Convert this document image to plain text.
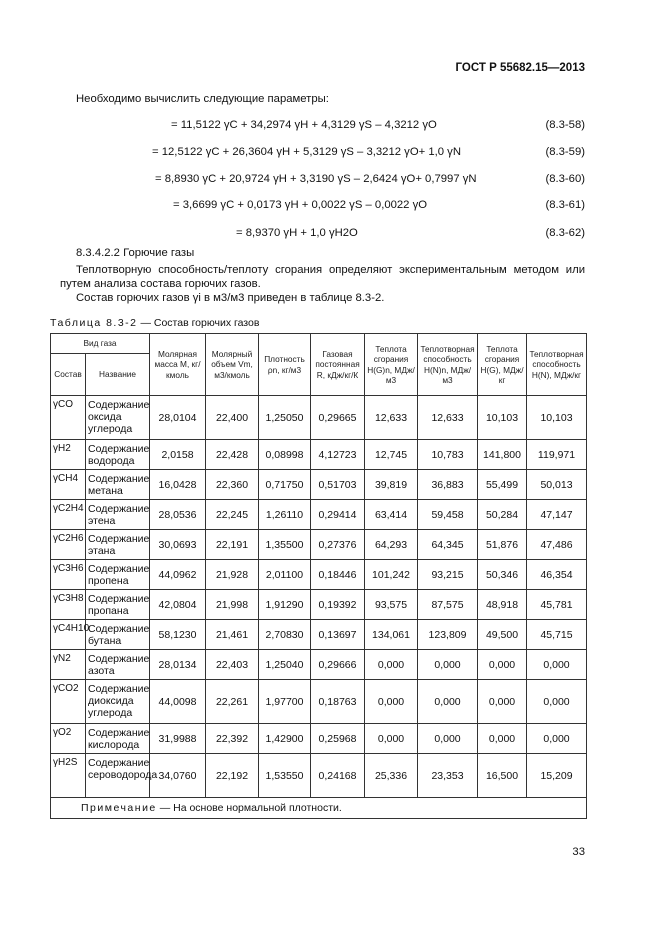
ГОСТ Р 55682.15—2013
Необходимо вычислить следующие параметры:
= 11,5122 γC + 34,2974 γH + 4,3129 γS – 4,3212 γO	(8.3-58)
= 12,5122 γC + 26,3604 γH + 5,3129 γS – 3,3212 γO+ 1,0 γN	(8.3-59)
= 8,8930 γC + 20,9724 γH + 3,3190 γS – 2,6424 γO+ 0,7997 γN	(8.3-60)
= 3,6699 γC + 0,0173 γH + 0,0022 γS – 0,0022 γO	(8.3-61)
= 8,9370 γH + 1,0 γH2O	(8.3-62)
8.3.4.2.2 Горючие газы
Теплотворную способность/теплоту сгорания определяют экспериментальным методом или путем анализа состава горючих газов.
Состав горючих газов γi в м3/м3 приведен в таблице 8.3-2.
Таблица 8.3-2 — Состав горючих газов
Вид газа		Молярная масса M, кг/кмоль	Молярный объем Vm, м3/кмоль	Плотность ρn, кг/м3	Газовая постоянная R, кДж/кг/К	Теплота сгорания H(G)n, МДж/м3	Теплотворная способность H(N)n, МДж/м3	Теплота сгорания H(G), МДж/кг	Теплотворная способность H(N), МДж/кг
Состав	Название								
γCO	Содержание оксида углерода	28,0104	22,400	1,25050	0,29665	12,633	12,633	10,103	10,103
γH2	Содержание водорода	2,0158	22,428	0,08998	4,12723	12,745	10,783	141,800	119,971
γCH4	Содержание метана	16,0428	22,360	0,71750	0,51703	39,819	36,883	55,499	50,013
γC2H4	Содержание этена	28,0536	22,245	1,26110	0,29414	63,414	59,458	50,284	47,147
γC2H6	Содержание этана	30,0693	22,191	1,35500	0,27376	64,293	64,345	51,876	47,486
γC3H6	Содержание пропена	44,0962	21,928	2,01100	0,18446	101,242	93,215	50,346	46,354
γC3H8	Содержание пропана	42,0804	21,998	1,91290	0,19392	93,575	87,575	48,918	45,781
γC4H10	Содержание бутана	58,1230	21,461	2,70830	0,13697	134,061	123,809	49,500	45,715
γN2	Содержание азота	28,0134	22,403	1,25040	0,29666	0,000	0,000	0,000	0,000
γCO2	Содержание диоксида углерода	44,0098	22,261	1,97700	0,18763	0,000	0,000	0,000	0,000
γO2	Содержание кислорода	31,9988	22,392	1,42900	0,25968	0,000	0,000	0,000	0,000
γH2S	Содержание сероводорода	34,0760	22,192	1,53550	0,24168	25,336	23,353	16,500	15,209
Примечание — На основе нормальной плотности.									
33
